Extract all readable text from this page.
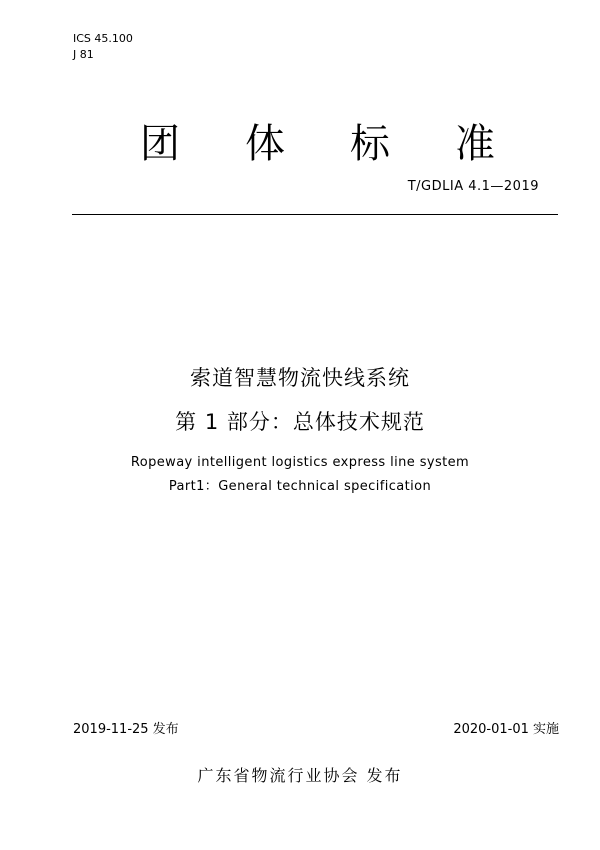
ICS 45.100
J 81
团 体 标 准
T/GDLIA 4.1—2019
索道智慧物流快线系统
第 1 部分：总体技术规范
Ropeway intelligent logistics express line system
Part1：General technical specification
2019-11-25 发布	2020-01-01 实施
广东省物流行业协会 发布
